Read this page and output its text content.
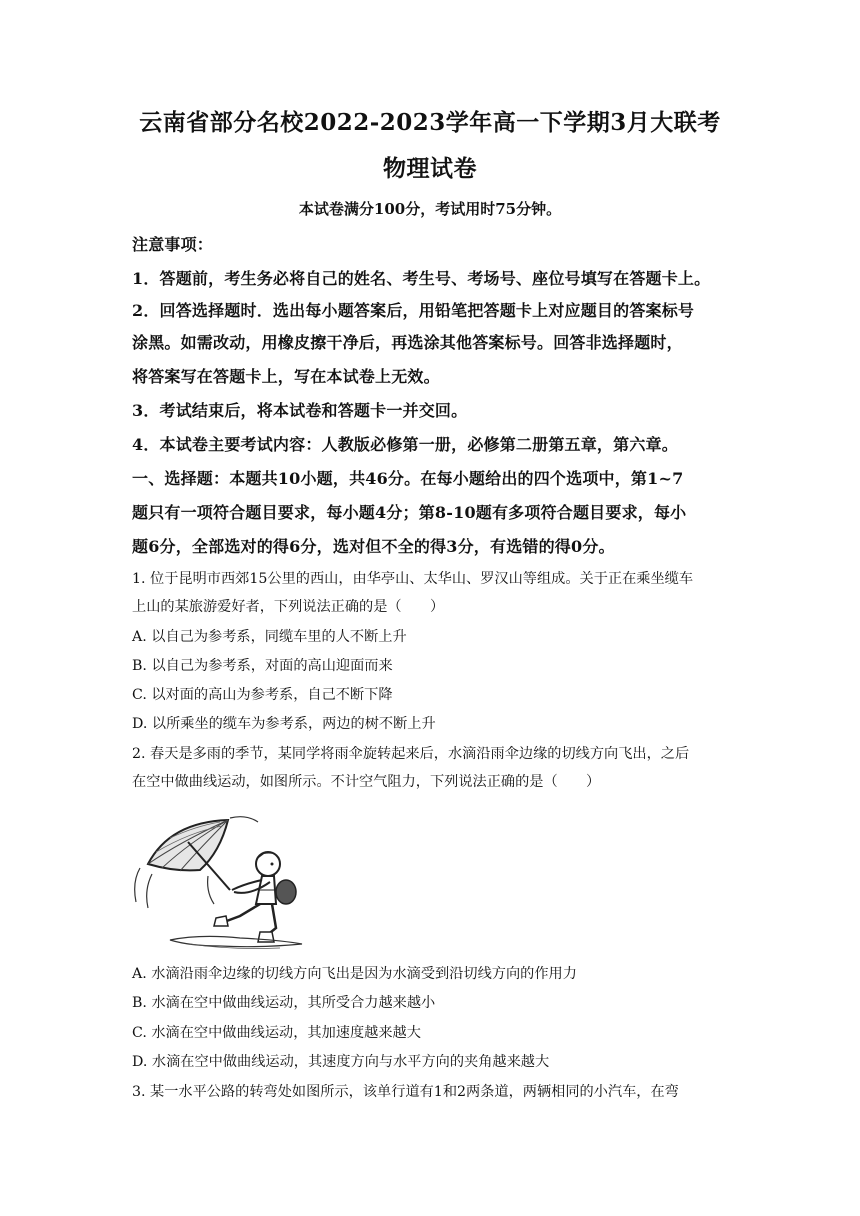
云南省部分名校2022-2023学年高一下学期3月大联考
物理试卷
本试卷满分100分，考试用时75分钟。
注意事项：
1．答题前，考生务必将自己的姓名、考生号、考场号、座位号填写在答题卡上。
2．回答选择题时．选出每小题答案后，用铅笔把答题卡上对应题目的答案标号
涂黑。如需改动，用橡皮擦干净后，再选涂其他答案标号。回答非选择题时，
将答案写在答题卡上，写在本试卷上无效。
3．考试结束后，将本试卷和答题卡一并交回。
4．本试卷主要考试内容：人教版必修第一册，必修第二册第五章，第六章。
一、选择题：本题共10小题，共46分。在每小题给出的四个选项中，第1~7
题只有一项符合题目要求，每小题4分；第8-10题有多项符合题目要求，每小
题6分，全部选对的得6分，选对但不全的得3分，有选错的得0分。
1. 位于昆明市西郊15公里的西山，由华亭山、太华山、罗汉山等组成。关于正在乘坐缆车
上山的某旅游爱好者，下列说法正确的是（　　）
A. 以自己为参考系，同缆车里的人不断上升
B. 以自己为参考系，对面的高山迎面而来
C. 以对面的高山为参考系，自己不断下降
D. 以所乘坐的缆车为参考系，两边的树不断上升
2. 春天是多雨的季节，某同学将雨伞旋转起来后，水滴沿雨伞边缘的切线方向飞出，之后
在空中做曲线运动，如图所示。不计空气阻力，下列说法正确的是（　　）
A. 水滴沿雨伞边缘的切线方向飞出是因为水滴受到沿切线方向的作用力
B. 水滴在空中做曲线运动，其所受合力越来越小
C. 水滴在空中做曲线运动，其加速度越来越大
D. 水滴在空中做曲线运动，其速度方向与水平方向的夹角越来越大
3. 某一水平公路的转弯处如图所示，该单行道有1和2两条道，两辆相同的小汽车，在弯
